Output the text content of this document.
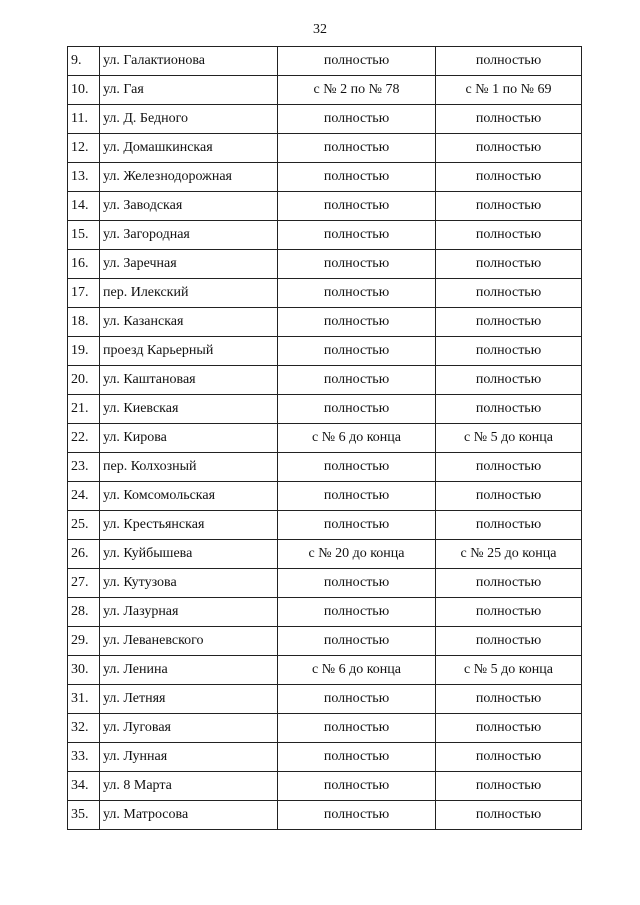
32
9.	ул. Галактионова	полностью	полностью
10.	ул. Гая	с № 2 по № 78	с № 1 по № 69
11.	ул. Д. Бедного	полностью	полностью
12.	ул. Домашкинская	полностью	полностью
13.	ул. Железнодорожная	полностью	полностью
14.	ул. Заводская	полностью	полностью
15.	ул. Загородная	полностью	полностью
16.	ул. Заречная	полностью	полностью
17.	пер. Илекский	полностью	полностью
18.	ул. Казанская	полностью	полностью
19.	проезд Карьерный	полностью	полностью
20.	ул. Каштановая	полностью	полностью
21.	ул. Киевская	полностью	полностью
22.	ул. Кирова	с № 6 до конца	с № 5 до конца
23.	пер. Колхозный	полностью	полностью
24.	ул. Комсомольская	полностью	полностью
25.	ул. Крестьянская	полностью	полностью
26.	ул. Куйбышева	с № 20 до конца	с № 25 до конца
27.	ул. Кутузова	полностью	полностью
28.	ул. Лазурная	полностью	полностью
29.	ул. Леваневского	полностью	полностью
30.	ул. Ленина	с № 6 до конца	с № 5 до конца
31.	ул. Летняя	полностью	полностью
32.	ул. Луговая	полностью	полностью
33.	ул. Лунная	полностью	полностью
34.	ул. 8 Марта	полностью	полностью
35.	ул. Матросова	полностью	полностью
